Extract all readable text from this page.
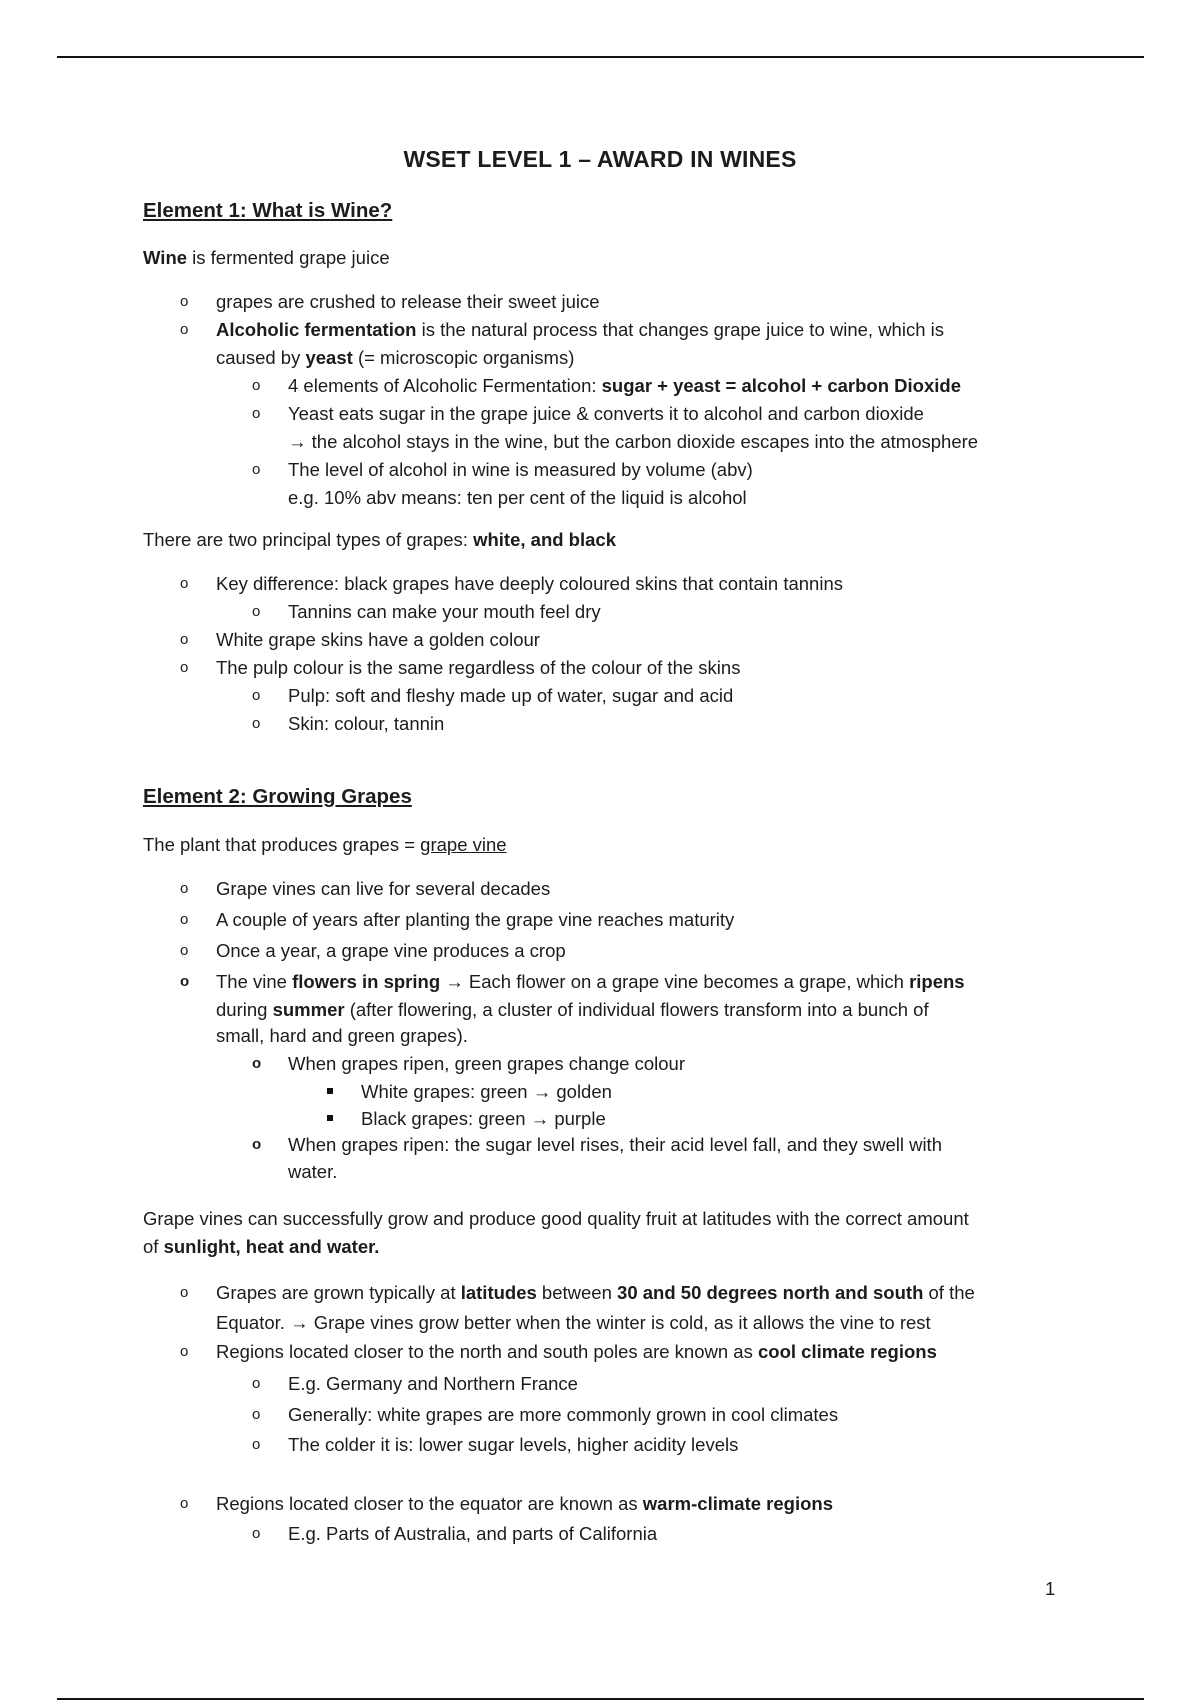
WSET LEVEL 1 – AWARD IN WINES
Element 1: What is Wine?
Wine is fermented grape juice
o grapes are crushed to release their sweet juice
o Alcoholic fermentation is the natural process that changes grape juice to wine, which is
caused by yeast (= microscopic organisms)
o 4 elements of Alcoholic Fermentation: sugar + yeast = alcohol + carbon Dioxide
o Yeast eats sugar in the grape juice & converts it to alcohol and carbon dioxide
→ the alcohol stays in the wine, but the carbon dioxide escapes into the atmosphere
o The level of alcohol in wine is measured by volume (abv)
e.g. 10% abv means: ten per cent of the liquid is alcohol
There are two principal types of grapes: white, and black
o Key difference: black grapes have deeply coloured skins that contain tannins
o Tannins can make your mouth feel dry
o White grape skins have a golden colour
o The pulp colour is the same regardless of the colour of the skins
o Pulp: soft and fleshy made up of water, sugar and acid
o Skin: colour, tannin
Element 2: Growing Grapes
The plant that produces grapes = grape vine
o Grape vines can live for several decades
o A couple of years after planting the grape vine reaches maturity
o Once a year, a grape vine produces a crop
o The vine flowers in spring → Each flower on a grape vine becomes a grape, which ripens
during summer (after flowering, a cluster of individual flowers transform into a bunch of
small, hard and green grapes).
o When grapes ripen, green grapes change colour
White grapes: green → golden
Black grapes: green → purple
o When grapes ripen: the sugar level rises, their acid level fall, and they swell with
water.
Grape vines can successfully grow and produce good quality fruit at latitudes with the correct amount
of sunlight, heat and water.
o Grapes are grown typically at latitudes between 30 and 50 degrees north and south of the
Equator. → Grape vines grow better when the winter is cold, as it allows the vine to rest
o Regions located closer to the north and south poles are known as cool climate regions
o E.g. Germany and Northern France
o Generally: white grapes are more commonly grown in cool climates
o The colder it is: lower sugar levels, higher acidity levels
o Regions located closer to the equator are known as warm-climate regions
o E.g. Parts of Australia, and parts of California
1
